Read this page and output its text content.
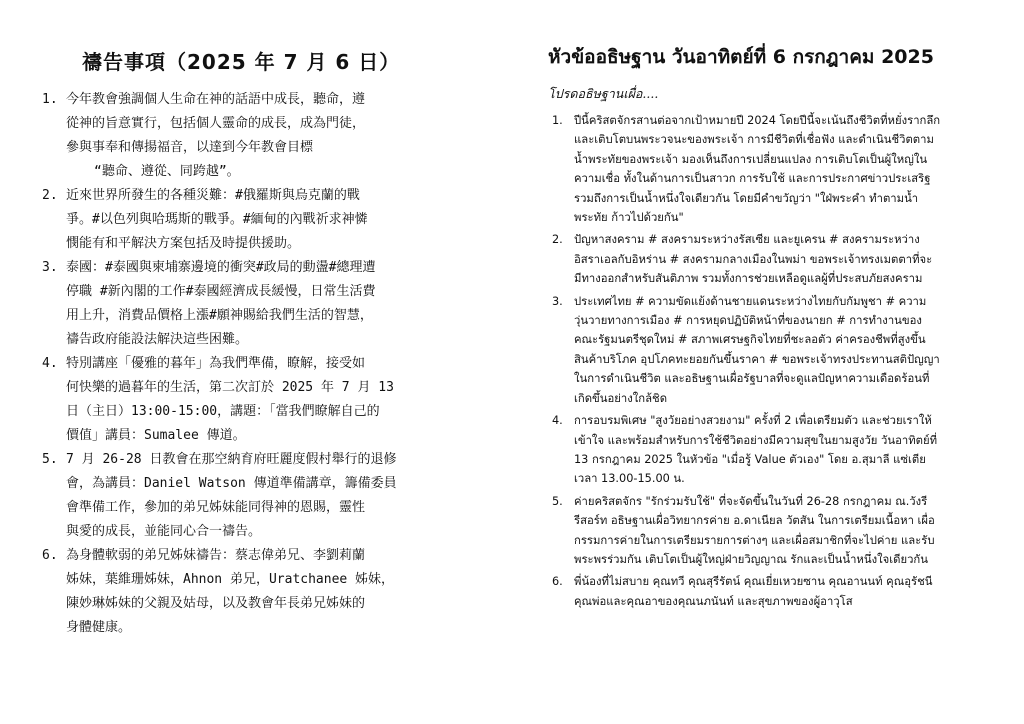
禱告事項（2025 年 7 月 6 日）
1. 今年教會強調個人生命在神的話語中成長，聽命，遵
從神的旨意實行，包括個人靈命的成長，成為門徒，
參與事奉和傳揚福音，以達到今年教會目標
“聽命、遵從、同跨越”。
2. 近來世界所發生的各種災難：#俄羅斯與烏克蘭的戰
爭。#以色列與哈瑪斯的戰爭。#緬甸的內戰祈求神憐
憫能有和平解決方案包括及時提供援助。
3. 泰國：#泰國與柬埔寨邊境的衝突#政局的動盪#總理遭
停職 #新內閣的工作#泰國經濟成長緩慢，日常生活費
用上升，消費品價格上漲#願神賜給我們生活的智慧，
禱告政府能設法解決這些困難。
4. 特別講座「優雅的暮年」為我們準備，瞭解，接受如
何快樂的過暮年的生活，第二次訂於 2025 年 7 月 13
日（主日）13:00-15:00，講題：「當我們瞭解自己的
價值」講員：Sumalee 傳道。
5. 7 月 26-28 日教會在那空納育府旺麗度假村舉行的退修
會，為講員：Daniel Watson 傳道準備講章，籌備委員
會準備工作，參加的弟兄姊妹能同得神的恩賜，靈性
與愛的成長，並能同心合一禱告。
6. 為身體軟弱的弟兄姊妹禱告：蔡志偉弟兄、李劉莉蘭
姊妹，葉維珊姊妹，Ahnon 弟兄，Uratchanee 姊妹，
陳妙琳姊妹的父親及姑母，以及教會年長弟兄姊妹的
身體健康。
หัวข้ออธิษฐาน วันอาทิตย์ที่ 6 กรกฎาคม 2025
โปรดอธิษฐานเผื่อ....
1. ปีนี้คริสตจักรสานต่อจากเป้าหมายปี 2024 โดยปีนี้จะเน้นถึงชีวิตที่หยั่งรากลึก
และเติบโตบนพระวจนะของพระเจ้า การมีชีวิตที่เชื่อฟัง และดำเนินชีวิตตาม
น้ำพระทัยของพระเจ้า มองเห็นถึงการเปลี่ยนแปลง การเติบโตเป็นผู้ใหญ่ใน
ความเชื่อ ทั้งในด้านการเป็นสาวก การรับใช้ และการประกาศข่าวประเสริฐ
รวมถึงการเป็นน้ำหนึ่งใจเดียวกัน โดยมีคำขวัญว่า "ใฝ่พระคำ ทำตามน้ำ
พระทัย ก้าวไปด้วยกัน"
2. ปัญหาสงคราม # สงครามระหว่างรัสเซีย และยูเครน # สงครามระหว่าง
อิสราเอลกับอิหร่าน # สงครามกลางเมืองในพม่า ขอพระเจ้าทรงเมตตาที่จะ
มีทางออกสำหรับสันติภาพ รวมทั้งการช่วยเหลือดูแลผู้ที่ประสบภัยสงคราม
3. ประเทศไทย # ความขัดแย้งด้านชายแดนระหว่างไทยกับกัมพูชา # ความ
วุ่นวายทางการเมือง # การหยุดปฏิบัติหน้าที่ของนายก # การทำงานของ
คณะรัฐมนตรีชุดใหม่ # สภาพเศรษฐกิจไทยที่ชะลอตัว ค่าครองชีพที่สูงขึ้น
สินค้าบริโภค อุปโภคทะยอยกันขึ้นราคา # ขอพระเจ้าทรงประทานสติปัญญา
ในการดำเนินชีวิต และอธิษฐานเผื่อรัฐบาลที่จะดูแลปัญหาความเดือดร้อนที่
เกิดขึ้นอย่างใกล้ชิด
4. การอบรมพิเศษ "สูงวัยอย่างสวยงาม" ครั้งที่ 2 เพื่อเตรียมตัว และช่วยเราให้
เข้าใจ และพร้อมสำหรับการใช้ชีวิตอย่างมีความสุขในยามสูงวัย วันอาทิตย์ที่
13 กรกฎาคม 2025 ในหัวข้อ "เมื่อรู้ Value ตัวเอง" โดย อ.สุมาลี แซ่เตีย
เวลา 13.00-15.00 น.
5. ค่ายคริสตจักร "รักร่วมรับใช้" ที่จะจัดขึ้นในวันที่ 26-28 กรกฎาคม ณ.วังรี
รีสอร์ท อธิษฐานเผื่อวิทยากรค่าย อ.ดาเนียล วัตสัน ในการเตรียมเนื้อหา เผื่อ
กรรมการค่ายในการเตรียมรายการต่างๆ และเผื่อสมาชิกที่จะไปค่าย และรับ
พระพรร่วมกัน เติบโตเป็นผู้ใหญ่ฝ่ายวิญญาณ รักและเป็นน้ำหนึ่งใจเดียวกัน
6. พี่น้องที่ไม่สบาย คุณทวี คุณสุรีรัตน์ คุณเยี่ยเหวยซาน คุณอานนท์ คุณอุรัชนี
คุณพ่อและคุณอาของคุณนภนันท์ และสุขภาพของผู้อาวุโส
